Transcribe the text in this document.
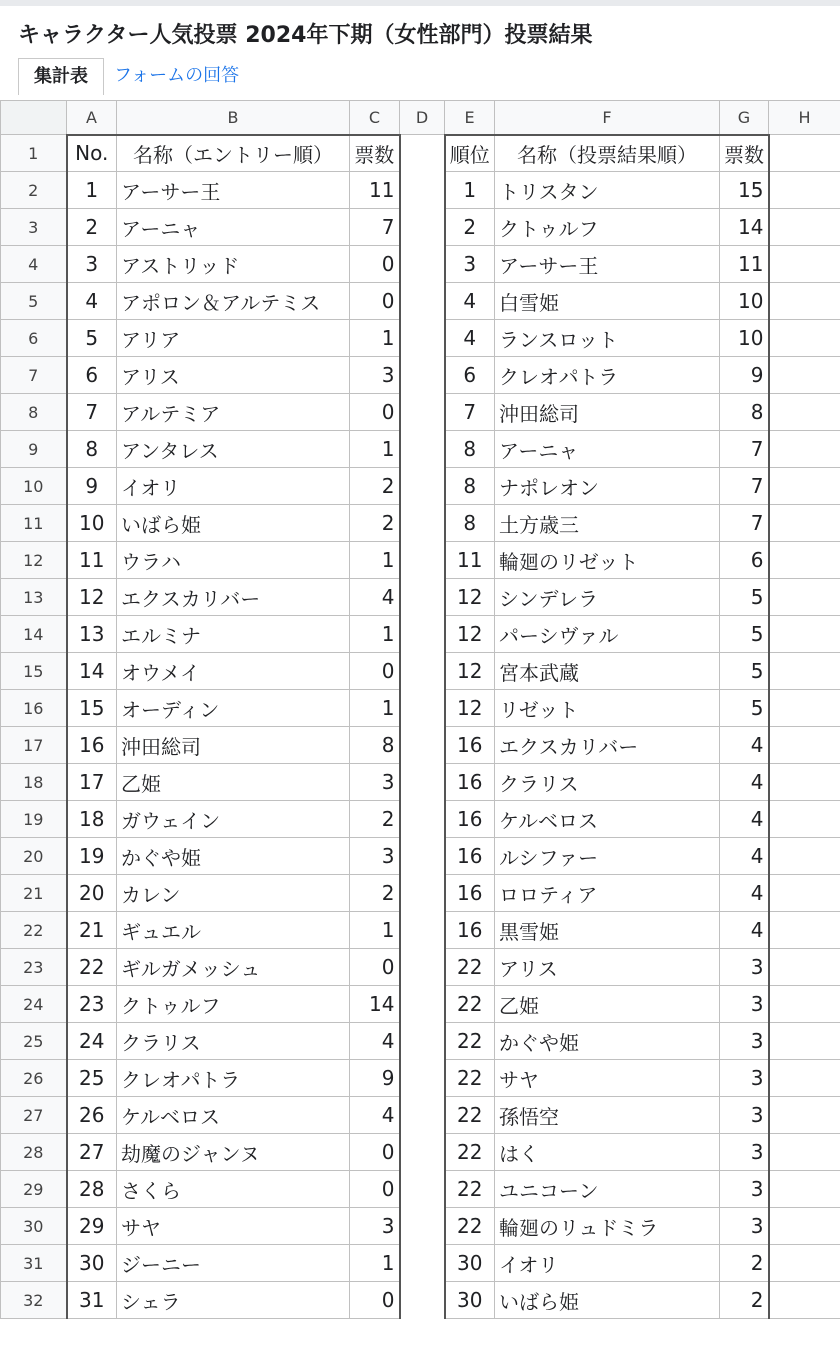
キャラクター人気投票 2024年下期（女性部門）投票結果
集計表	フォームの回答
	A	B	C	D	E	F	G	H
1	No.	名称（エントリー順）	票数		順位	名称（投票結果順）	票数	
2	1	アーサー王	11		1	トリスタン	15	
3	2	アーニャ	7		2	クトゥルフ	14	
4	3	アストリッド	0		3	アーサー王	11	
5	4	アポロン＆アルテミス	0		4	白雪姫	10	
6	5	アリア	1		4	ランスロット	10	
7	6	アリス	3		6	クレオパトラ	9	
8	7	アルテミア	0		7	沖田総司	8	
9	8	アンタレス	1		8	アーニャ	7	
10	9	イオリ	2		8	ナポレオン	7	
11	10	いばら姫	2		8	土方歳三	7	
12	11	ウラハ	1		11	輪廻のリゼット	6	
13	12	エクスカリバー	4		12	シンデレラ	5	
14	13	エルミナ	1		12	パーシヴァル	5	
15	14	オウメイ	0		12	宮本武蔵	5	
16	15	オーディン	1		12	リゼット	5	
17	16	沖田総司	8		16	エクスカリバー	4	
18	17	乙姫	3		16	クラリス	4	
19	18	ガウェイン	2		16	ケルベロス	4	
20	19	かぐや姫	3		16	ルシファー	4	
21	20	カレン	2		16	ロロティア	4	
22	21	ギュエル	1		16	黒雪姫	4	
23	22	ギルガメッシュ	0		22	アリス	3	
24	23	クトゥルフ	14		22	乙姫	3	
25	24	クラリス	4		22	かぐや姫	3	
26	25	クレオパトラ	9		22	サヤ	3	
27	26	ケルベロス	4		22	孫悟空	3	
28	27	劫魔のジャンヌ	0		22	はく	3	
29	28	さくら	0		22	ユニコーン	3	
30	29	サヤ	3		22	輪廻のリュドミラ	3	
31	30	ジーニー	1		30	イオリ	2	
32	31	シェラ	0		30	いばら姫	2	
